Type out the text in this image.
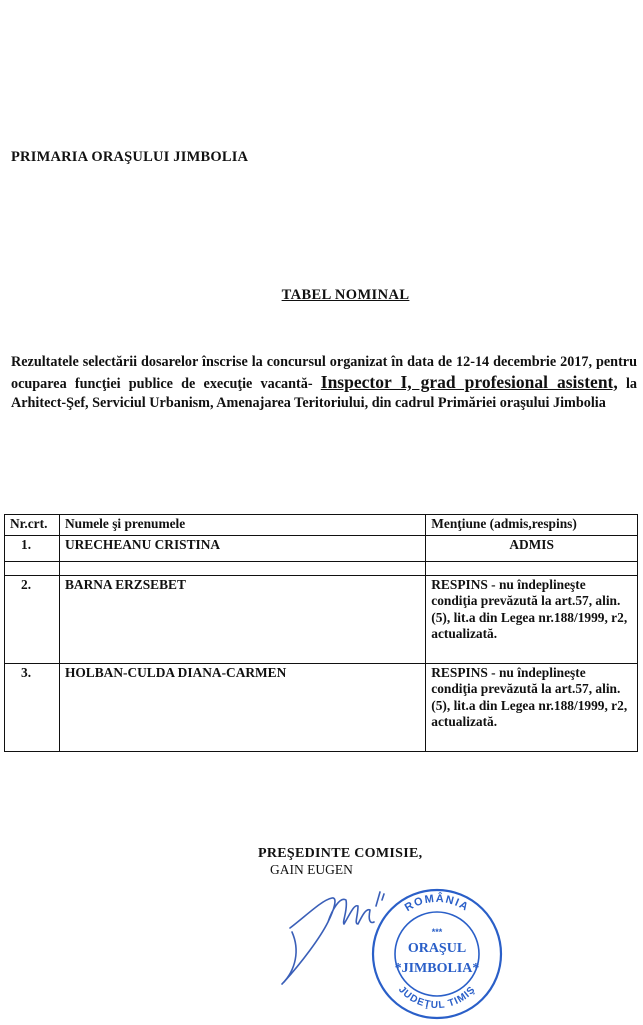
PRIMARIA ORAŞULUI JIMBOLIA
TABEL NOMINAL
Rezultatele selectării dosarelor înscrise la concursul organizat în data de 12-14 decembrie 2017, pentru ocuparea funcţiei publice de execuţie vacantă- Inspector I, grad profesional asistent, la Arhitect-Şef, Serviciul Urbanism, Amenajarea Teritoriului, din cadrul Primăriei oraşului Jimbolia
Nr.crt.	Numele şi prenumele	Menţiune (admis,respins)
1.	URECHEANU CRISTINA	ADMIS

2.	BARNA ERZSEBET	RESPINS - nu îndeplineşte condiţia prevăzută la art.57, alin.(5), lit.a din Legea nr.188/1999, r2, actualizată.
3.	HOLBAN-CULDA DIANA-CARMEN	RESPINS - nu îndeplineşte condiţia prevăzută la art.57, alin.(5), lit.a din Legea nr.188/1999, r2, actualizată.
PREŞEDINTE COMISIE,
GAIN EUGEN
ROMÂNIA
JUDEŢUL TIMIŞ
***
ORAŞUL
*JIMBOLIA*
